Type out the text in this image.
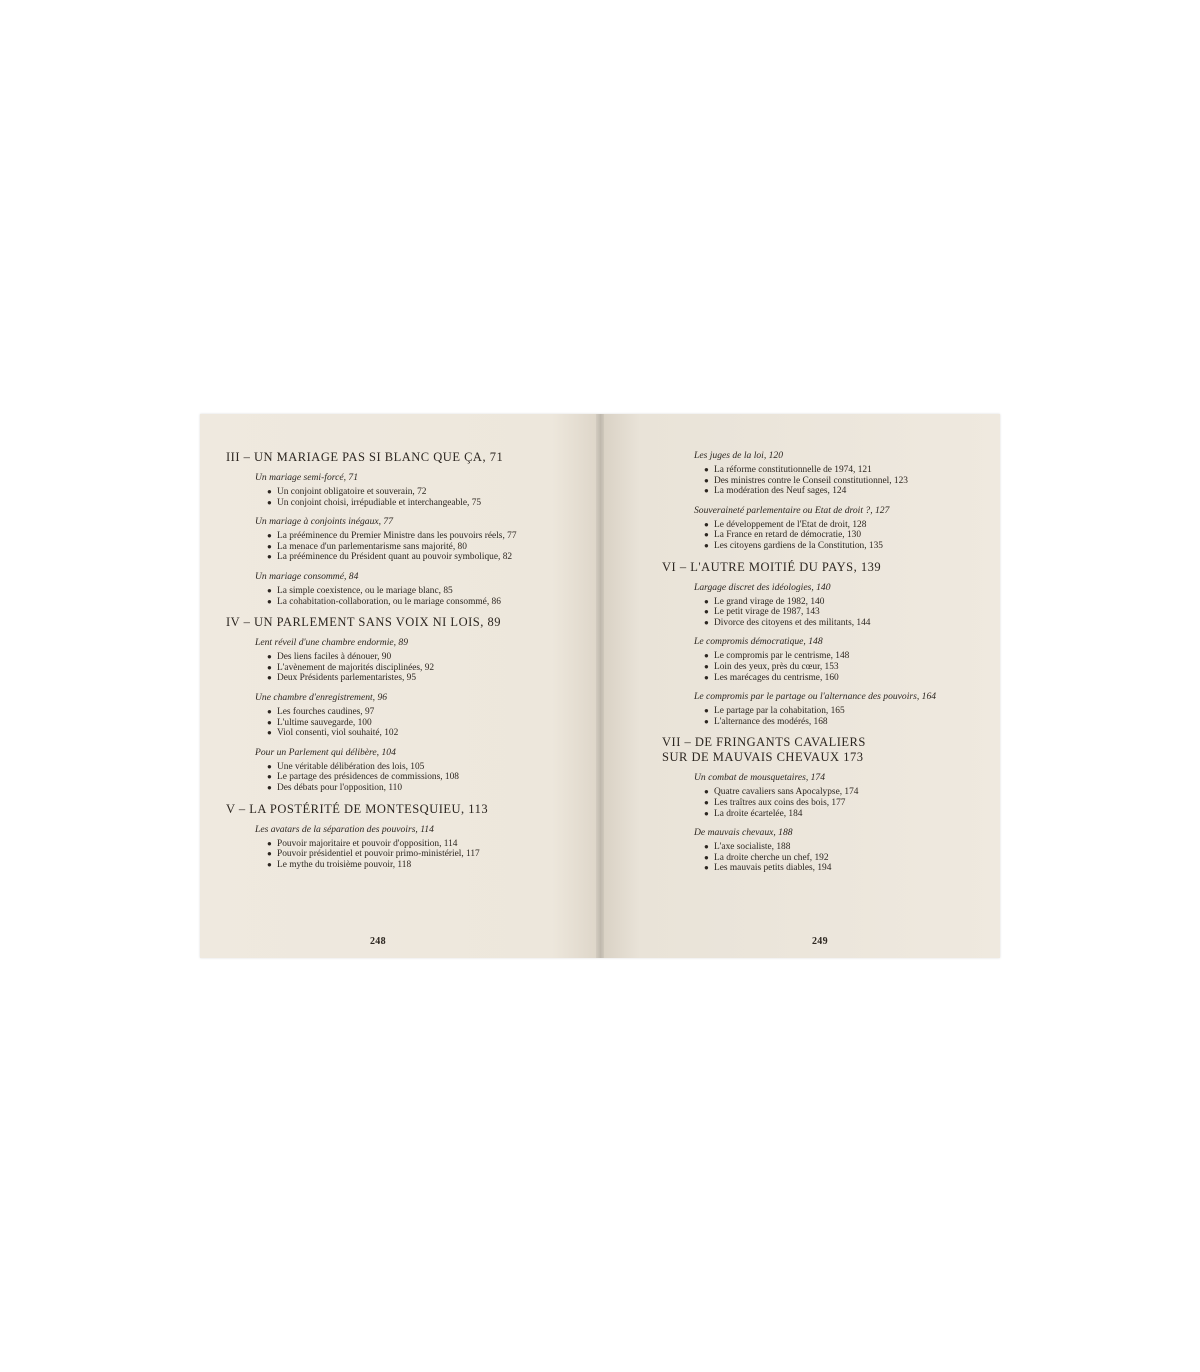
III – UN MARIAGE PAS SI BLANC QUE ÇA, 71
Un mariage semi-forcé, 71
● Un conjoint obligatoire et souverain, 72
● Un conjoint choisi, irrépudiable et interchangeable, 75
Un mariage à conjoints inégaux, 77
● La prééminence du Premier Ministre dans les pouvoirs réels, 77
● La menace d'un parlementarisme sans majorité, 80
● La prééminence du Président quant au pouvoir symbolique, 82
Un mariage consommé, 84
● La simple coexistence, ou le mariage blanc, 85
● La cohabitation-collaboration, ou le mariage consommé, 86
IV – UN PARLEMENT SANS VOIX NI LOIS, 89
Lent réveil d'une chambre endormie, 89
● Des liens faciles à dénouer, 90
● L'avènement de majorités disciplinées, 92
● Deux Présidents parlementaristes, 95
Une chambre d'enregistrement, 96
● Les fourches caudines, 97
● L'ultime sauvegarde, 100
● Viol consenti, viol souhaité, 102
Pour un Parlement qui délibère, 104
● Une véritable délibération des lois, 105
● Le partage des présidences de commissions, 108
● Des débats pour l'opposition, 110
V – LA POSTÉRITÉ DE MONTESQUIEU, 113
Les avatars de la séparation des pouvoirs, 114
● Pouvoir majoritaire et pouvoir d'opposition, 114
● Pouvoir présidentiel et pouvoir primo-ministériel, 117
● Le mythe du troisième pouvoir, 118
248
Les juges de la loi, 120
● La réforme constitutionnelle de 1974, 121
● Des ministres contre le Conseil constitutionnel, 123
● La modération des Neuf sages, 124
Souveraineté parlementaire ou Etat de droit ?, 127
● Le développement de l'Etat de droit, 128
● La France en retard de démocratie, 130
● Les citoyens gardiens de la Constitution, 135
VI – L'AUTRE MOITIÉ DU PAYS, 139
Largage discret des idéologies, 140
● Le grand virage de 1982, 140
● Le petit virage de 1987, 143
● Divorce des citoyens et des militants, 144
Le compromis démocratique, 148
● Le compromis par le centrisme, 148
● Loin des yeux, près du cœur, 153
● Les marécages du centrisme, 160
Le compromis par le partage ou l'alternance des pouvoirs, 164
● Le partage par la cohabitation, 165
● L'alternance des modérés, 168
VII – DE FRINGANTS CAVALIERS
SUR DE MAUVAIS CHEVAUX 173
Un combat de mousquetaires, 174
● Quatre cavaliers sans Apocalypse, 174
● Les traîtres aux coins des bois, 177
● La droite écartelée, 184
De mauvais chevaux, 188
● L'axe socialiste, 188
● La droite cherche un chef, 192
● Les mauvais petits diables, 194
249
